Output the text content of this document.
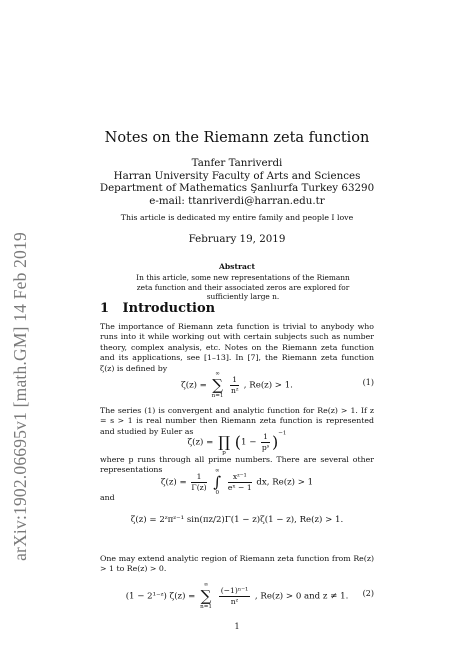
arXiv:1902.06695v1 [math.GM] 14 Feb 2019
Notes on the Riemann zeta function
Tanfer Tanriverdi
Harran University Faculty of Arts and Sciences
Department of Mathematics Şanlıurfa Turkey 63290
e-mail: ttanriverdi@harran.edu.tr
This article is dedicated my entire family and people I love
February 19, 2019
Abstract
In this article, some new representations of the Riemann zeta function and their associated zeros are explored for sufficiently large n.
1 Introduction
The importance of Riemann zeta function is trivial to anybody who runs into it while working out with certain subjects such as number theory, complex analysis, etc. Notes on the Riemann zeta function and its applications, see [1–13]. In [7], the Riemann zeta function ζ(z) is defined by
ζ(z) =
∞
∑
n=1

$\frac{1}{\text{nᶻ}}$ , Re(z) > 1.	(1)
The series (1) is convergent and analytic function for Re(z) > 1. If z = s > 1 is real number then Riemann zeta function is represented and studied by Euler as
ζ(z) =
∏
p
$(1 - \frac{1}{\text{pˢ}} )^{-1}$
where p runs through all prime numbers. There are several other representations
$\zeta(z) = \frac{1}{\Gamma(z)}$

∞
∫
0

$\frac{\text{xᶻ⁻¹}}{\text{eˣ − 1}}$ dx, Re(z) > 1
and
ζ(z) = 2ᶻπᶻ⁻¹ sin(πz/2)Γ(1 − z)ζ(1 − z), Re(z) > 1.
One may extend analytic region of Riemann zeta function from Re(z) > 1 to Re(z) > 0.
(1 − 2¹⁻ᶻ) ζ(z) =
∞
∑
n=1

$\frac{\text{(−1)ⁿ⁻¹}}{\text{nᶻ}}$ , Re(z) > 0 and z ≠ 1.	(2)
1
